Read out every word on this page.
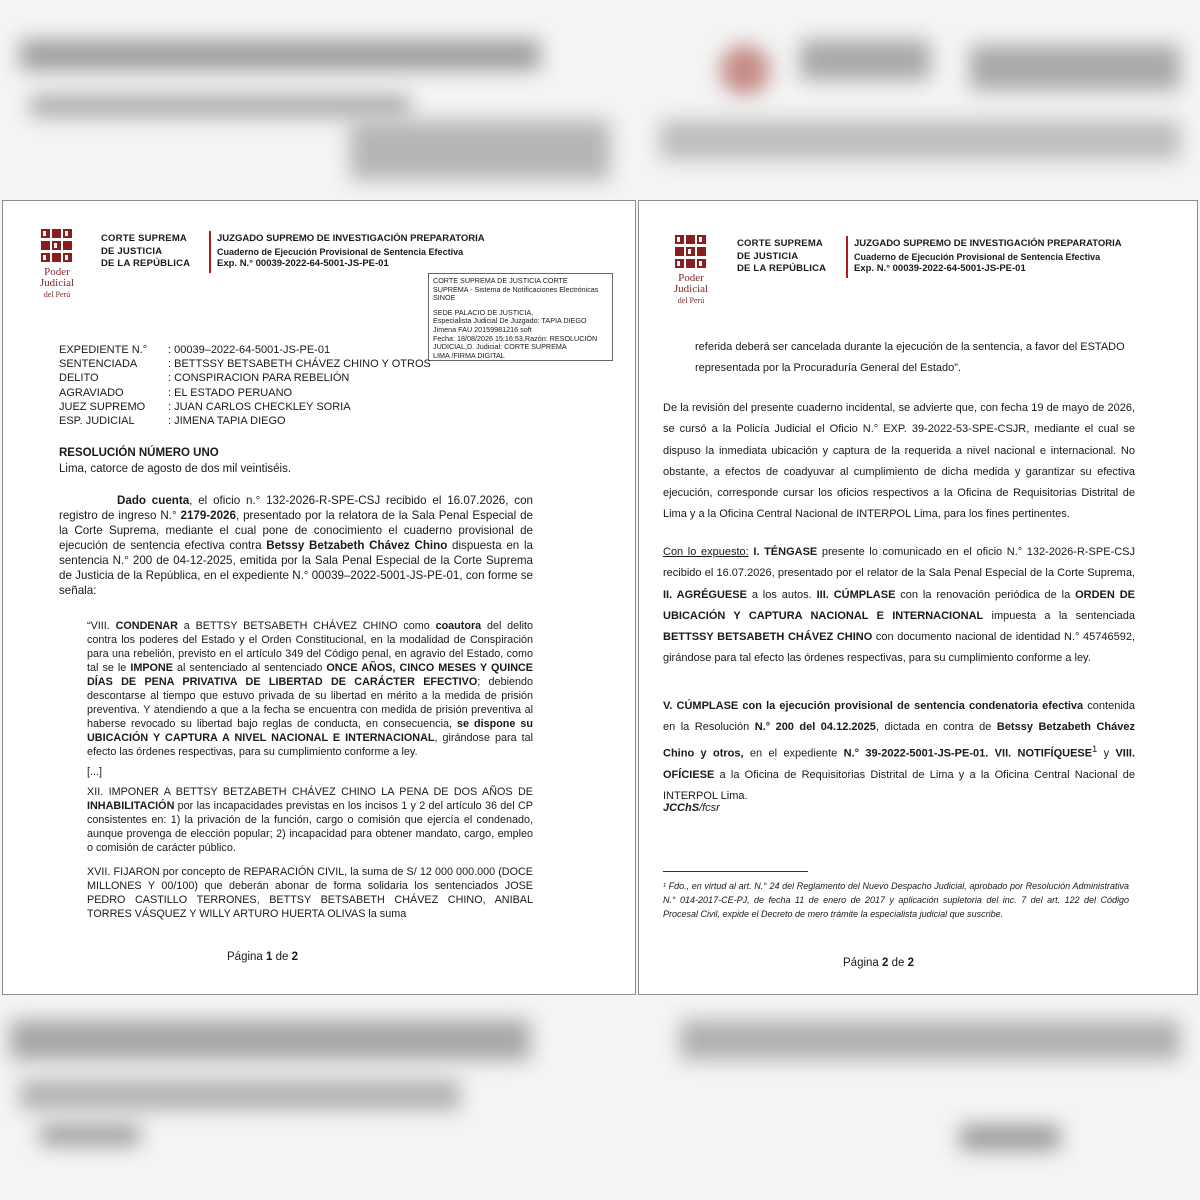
Poder Judicial
del Perú
CORTE SUPREMA
DE JUSTICIA
DE LA REPÚBLICA
JUZGADO SUPREMO DE INVESTIGACIÓN PREPARATORIA
Cuaderno de Ejecución Provisional de Sentencia Efectiva
Exp. N.° 00039-2022-64-5001-JS-PE-01
CORTE SUPREMA DE JUSTICIA CORTE
SUPREMA - Sistema de Notificaciones Electrónicas
SINOE
SEDE PALACIO DE JUSTICIA,
Especialista Judicial De Juzgado: TAPIA DIEGO
Jimena FAU 20159981216 soft
Fecha: 18/08/2026 15:16:53,Razón: RESOLUCIÓN
JUDICIAL,D. Judicial: CORTE SUPREMA
LIMA /FIRMA DIGITAL
EXPEDIENTE N.°	: 00039–2022-64-5001-JS-PE-01
SENTENCIADA	: BETTSSY BETSABETH CHÁVEZ CHINO Y OTROS
DELITO	: CONSPIRACION PARA REBELIÓN
AGRAVIADO	: EL ESTADO PERUANO
JUEZ SUPREMO	: JUAN CARLOS CHECKLEY SORIA
ESP. JUDICIAL	: JIMENA TAPIA DIEGO
RESOLUCIÓN NÚMERO UNO
Lima, catorce de agosto de dos mil veintiséis.
Dado cuenta, el oficio n.° 132-2026-R-SPE-CSJ recibido el 16.07.2026, con registro de ingreso N.° 2179-2026, presentado por la relatora de la Sala Penal Especial de la Corte Suprema, mediante el cual pone de conocimiento el cuaderno provisional de ejecución de sentencia efectiva contra Betssy Betzabeth Chávez Chino dispuesta en la sentencia N.° 200 de 04-12-2025, emitida por la Sala Penal Especial de la Corte Suprema de Justicia de la República, en el expediente N.° 00039–2022-5001-JS-PE-01, con forme se señala:
“VIII. CONDENAR a BETTSY BETSABETH CHÁVEZ CHINO como coautora del delito contra los poderes del Estado y el Orden Constitucional, en la modalidad de Conspiración para una rebelión, previsto en el artículo 349 del Código penal, en agravio del Estado, como tal se le IMPONE al sentenciado al sentenciado ONCE AÑOS, CINCO MESES Y QUINCE DÍAS DE PENA PRIVATIVA DE LIBERTAD DE CARÁCTER EFECTIVO; debiendo descontarse al tiempo que estuvo privada de su libertad en mérito a la medida de prisión preventiva. Y atendiendo a que a la fecha se encuentra con medida de prisión preventiva al haberse revocado su libertad bajo reglas de conducta, en consecuencia, se dispone su UBICACIÓN Y CAPTURA A NIVEL NACIONAL E INTERNACIONAL, girándose para tal efecto las órdenes respectivas, para su cumplimiento conforme a ley.
[...]
XII. IMPONER A BETTSY BETZABETH CHÁVEZ CHINO LA PENA DE DOS AÑOS DE INHABILITACIÓN por las incapacidades previstas en los incisos 1 y 2 del artículo 36 del CP consistentes en: 1) la privación de la función, cargo o comisión que ejercía el condenado, aunque provenga de elección popular; 2) incapacidad para obtener mandato, cargo, empleo o comisión de carácter público.
XVII. FIJARON por concepto de REPARACIÓN CIVIL, la suma de S/ 12 000 000.000 (DOCE MILLONES Y 00/100) que deberán abonar de forma solidaria los sentenciados JOSE PEDRO CASTILLO TERRONES, BETTSY BETSABETH CHÁVEZ CHINO, ANIBAL TORRES VÁSQUEZ Y WILLY ARTURO HUERTA OLIVAS la suma
Página 1 de 2
Poder Judicial
del Perú
CORTE SUPREMA
DE JUSTICIA
DE LA REPÚBLICA
JUZGADO SUPREMO DE INVESTIGACIÓN PREPARATORIA
Cuaderno de Ejecución Provisional de Sentencia Efectiva
Exp. N.° 00039-2022-64-5001-JS-PE-01
referida deberá ser cancelada durante la ejecución de la sentencia, a favor del ESTADO representada por la Procuraduría General del Estado”.
De la revisión del presente cuaderno incidental, se advierte que, con fecha 19 de mayo de 2026, se cursó a la Policía Judicial el Oficio N.° EXP. 39-2022-53-SPE-CSJR, mediante el cual se dispuso la inmediata ubicación y captura de la requerida a nivel nacional e internacional. No obstante, a efectos de coadyuvar al cumplimiento de dicha medida y garantizar su efectiva ejecución, corresponde cursar los oficios respectivos a la Oficina de Requisitorias Distrital de Lima y a la Oficina Central Nacional de INTERPOL Lima, para los fines pertinentes.
Con lo expuesto: I. TÉNGASE presente lo comunicado en el oficio N.° 132-2026-R-SPE-CSJ recibido el 16.07.2026, presentado por el relator de la Sala Penal Especial de la Corte Suprema, II. AGRÉGUESE a los autos. III. CÚMPLASE con la renovación periódica de la ORDEN DE UBICACIÓN Y CAPTURA NACIONAL E INTERNACIONAL impuesta a la sentenciada BETTSSY BETSABETH CHÁVEZ CHINO con documento nacional de identidad N.° 45746592, girándose para tal efecto las órdenes respectivas, para su cumplimiento conforme a ley.
V. CÚMPLASE con la ejecución provisional de sentencia condenatoria efectiva contenida en la Resolución N.° 200 del 04.12.2025, dictada en contra de Betssy Betzabeth Chávez Chino y otros, en el expediente N.° 39-2022-5001-JS-PE-01. VII. NOTIFÍQUESE$^1$ y VIII. OFÍCIESE a la Oficina de Requisitorias Distrital de Lima y a la Oficina Central Nacional de INTERPOL Lima.
JCChS/fcsr
¹ Fdo., en virtud al art. N.° 24 del Reglamento del Nuevo Despacho Judicial, aprobado por Resolución Administrativa N.° 014-2017-CE-PJ, de fecha 11 de enero de 2017 y aplicación supletoria del inc. 7 del art. 122 del Código Procesal Civil, expide el Decreto de mero trámite la especialista judicial que suscribe.
Página 2 de 2
